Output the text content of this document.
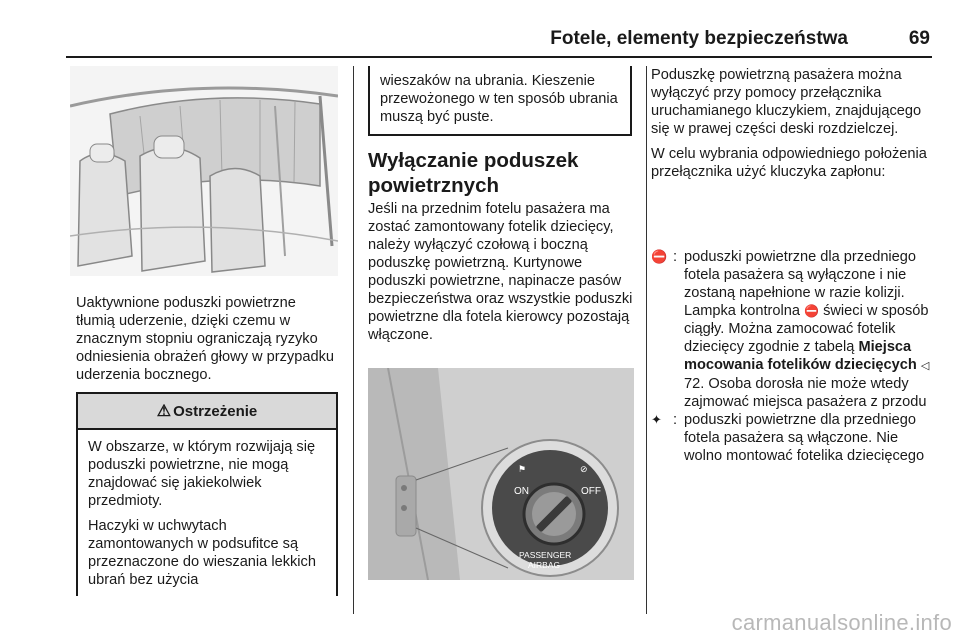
Fotele, elementy bezpieczeństwa	69

Uaktywnione poduszki powietrzne tłumią uderzenie, dzięki czemu w znacznym stopniu ograniczają ryzyko odniesienia obrażeń głowy w przypadku uderzenia bocznego.

⚠ Ostrzeżenie

W obszarze, w którym rozwijają się poduszki powietrzne, nie mogą znajdować się jakiekolwiek przedmioty.

Haczyki w uchwytach zamontowanych w podsufitce są przeznaczone do wieszania lekkich ubrań bez użycia

wieszaków na ubrania. Kieszenie przewożonego w ten sposób ubrania muszą być puste.

Wyłączanie poduszek powietrznych

Jeśli na przednim fotelu pasażera ma zostać zamontowany fotelik dziecięcy, należy wyłączyć czołową i boczną poduszkę powietrzną. Kurtynowe poduszki powietrzne, napinacze pasów bezpieczeństwa oraz wszystkie poduszki powietrzne dla fotela kierowcy pozostają włączone.

⚑	⊘
ON	OFF
PASSENGER
AIRBAG

Poduszkę powietrzną pasażera można wyłączyć przy pomocy przełącznika uruchamianego kluczykiem, znajdującego się w prawej części deski rozdzielczej.

W celu wybrania odpowiedniego położenia przełącznika użyć kluczyka zapłonu:

⛔ : poduszki powietrzne dla przedniego fotela pasażera są wyłączone i nie zostaną napełnione w razie kolizji. Lampka kontrolna ⛔ świeci w sposób ciągły. Można zamocować fotelik dziecięcy zgodnie z tabelą Miejsca mocowania fotelików dziecięcych ◁ 72. Osoba dorosła nie może wtedy zajmować miejsca pasażera z przodu
✦ : poduszki powietrzne dla przedniego fotela pasażera są włączone. Nie wolno montować fotelika dziecięcego
carmanualsonline.info
